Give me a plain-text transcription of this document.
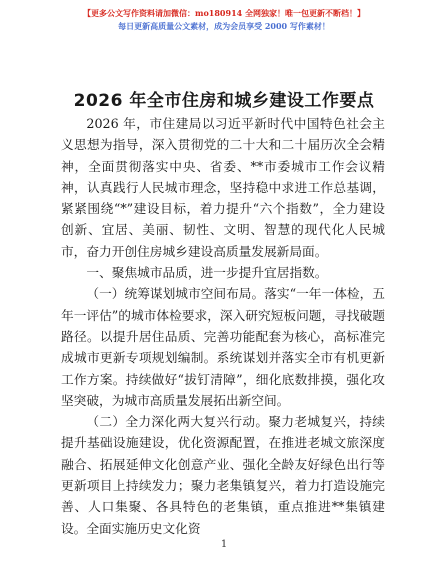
【更多公文写作资料请加微信：mo180914 全网独家！唯一包更新不断档！】
每日更新高质量公文素材，成为会员享受 2000 写作素材！
2026 年全市住房和城乡建设工作要点

2026 年，市住建局以习近平新时代中国特色社会主义思想为指导，深入贯彻党的二十大和二十届历次全会精神，全面贯彻落实中央、省委、**市委城市工作会议精神，认真践行人民城市理念，坚持稳中求进工作总基调，紧紧围绕“*”建设目标，着力提升“六个指数”，全力建设创新、宜居、美丽、韧性、文明、智慧的现代化人民城市，奋力开创住房城乡建设高质量发展新局面。

一、聚焦城市品质，进一步提升宜居指数。

（一）统筹谋划城市空间布局。落实“一年一体检，五年一评估”的城市体检要求，深入研究短板问题，寻找破题路径。以提升居住品质、完善功能配套为核心，高标准完成城市更新专项规划编制。系统谋划并落实全市有机更新工作方案。持续做好“拔钉清障”，细化底数排摸，强化攻坚突破，为城市高质量发展拓出新空间。

（二）全力深化两大复兴行动。聚力老城复兴，持续提升基础设施建设，优化资源配置，在推进老城文旅深度融合、拓展延伸文化创意产业、强化全龄友好绿色出行等更新项目上持续发力；聚力老集镇复兴，着力打造设施完善、人口集聚、各具特色的老集镇，重点推进**集镇建设。全面实施历史文化资

1
